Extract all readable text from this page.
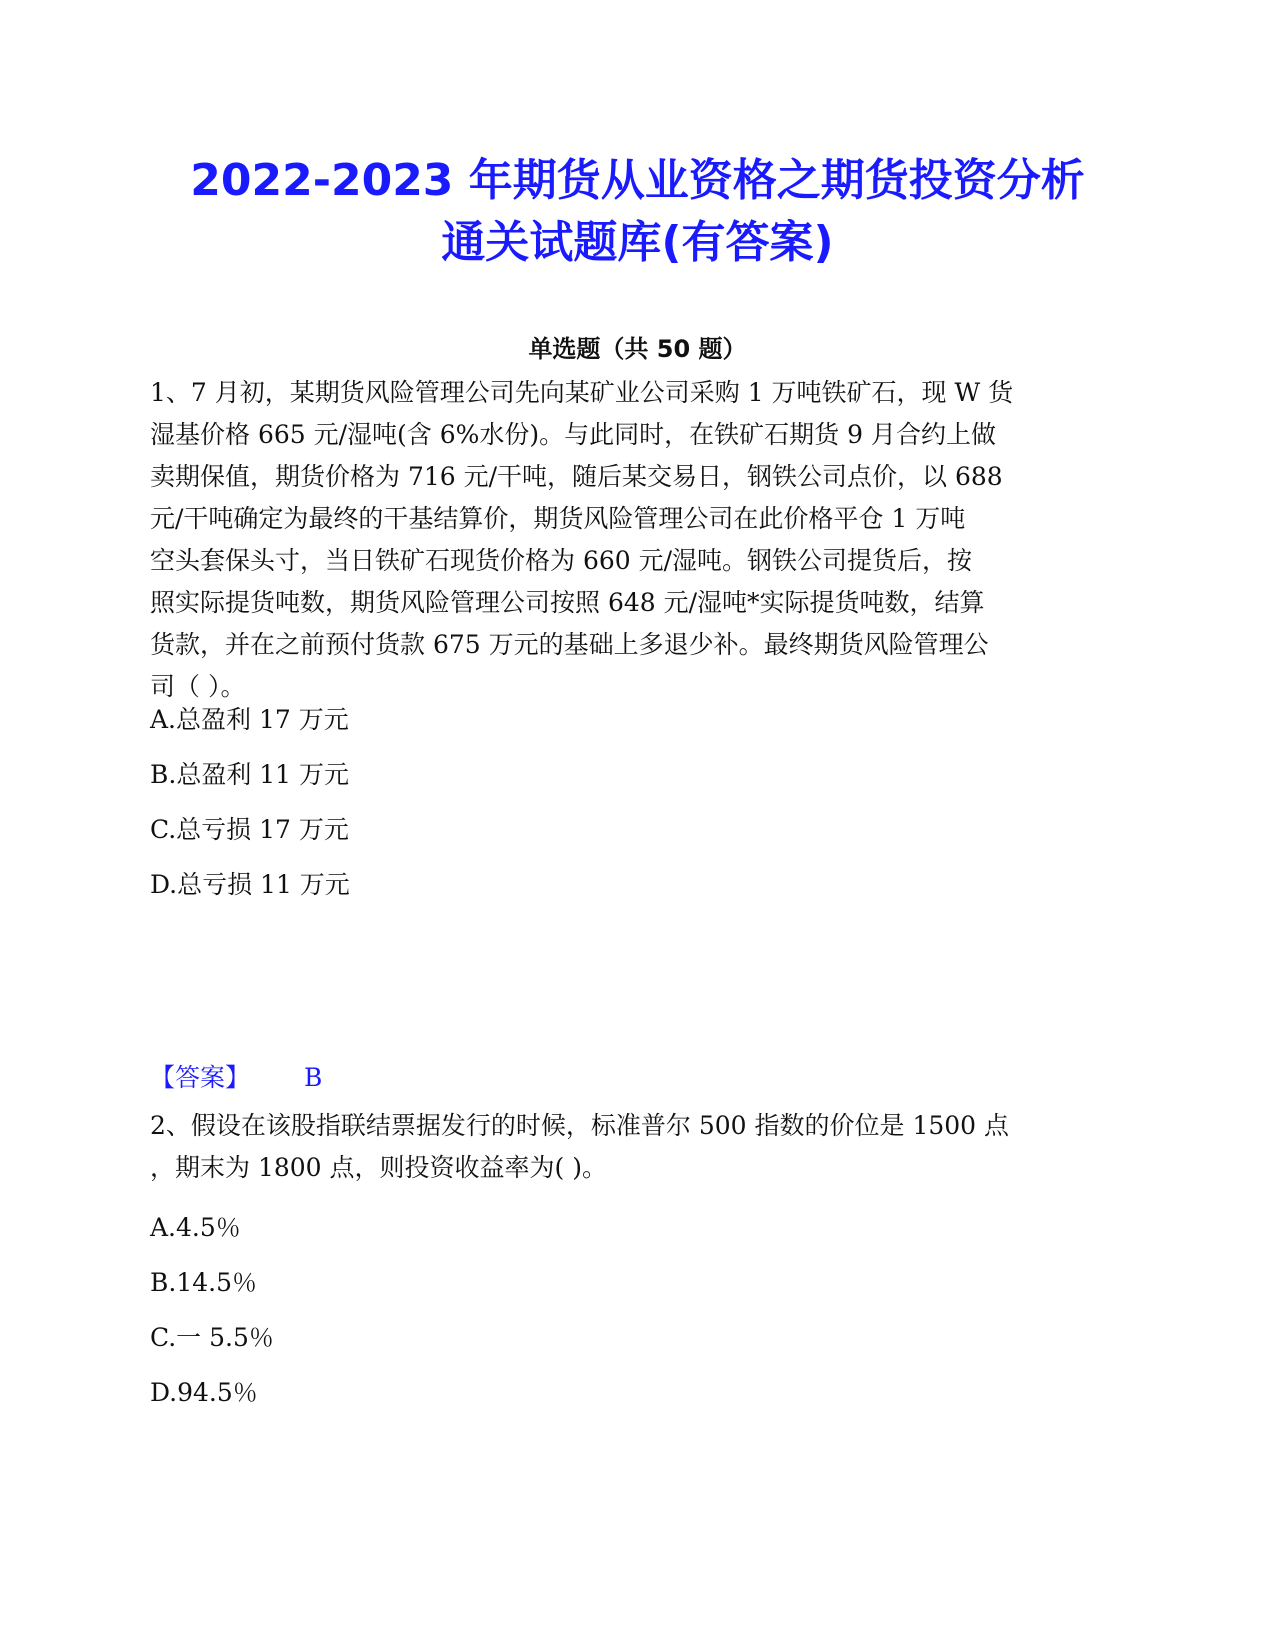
2022-2023 年期货从业资格之期货投资分析
通关试题库(有答案)
单选题（共 50 题）
1、7 月初，某期货风险管理公司先向某矿业公司采购 1 万吨铁矿石，现 W 货
湿基价格 665 元/湿吨(含 6%水份)。与此同时，在铁矿石期货 9 月合约上做
卖期保值，期货价格为 716 元/干吨，随后某交易日，钢铁公司点价，以 688
元/干吨确定为最终的干基结算价，期货风险管理公司在此价格平仓 1 万吨
空头套保头寸，当日铁矿石现货价格为 660 元/湿吨。钢铁公司提货后，按
照实际提货吨数，期货风险管理公司按照 648 元/湿吨*实际提货吨数，结算
货款，并在之前预付货款 675 万元的基础上多退少补。最终期货风险管理公
司（ ）。
A.总盈利 17 万元
B.总盈利 11 万元
C.总亏损 17 万元
D.总亏损 11 万元
【答案】 B
2、假设在该股指联结票据发行的时候，标准普尔 500 指数的价位是 1500 点
，期末为 1800 点，则投资收益率为( )。
A.4.5％
B.14.5％
C.一 5.5％
D.94.5％
